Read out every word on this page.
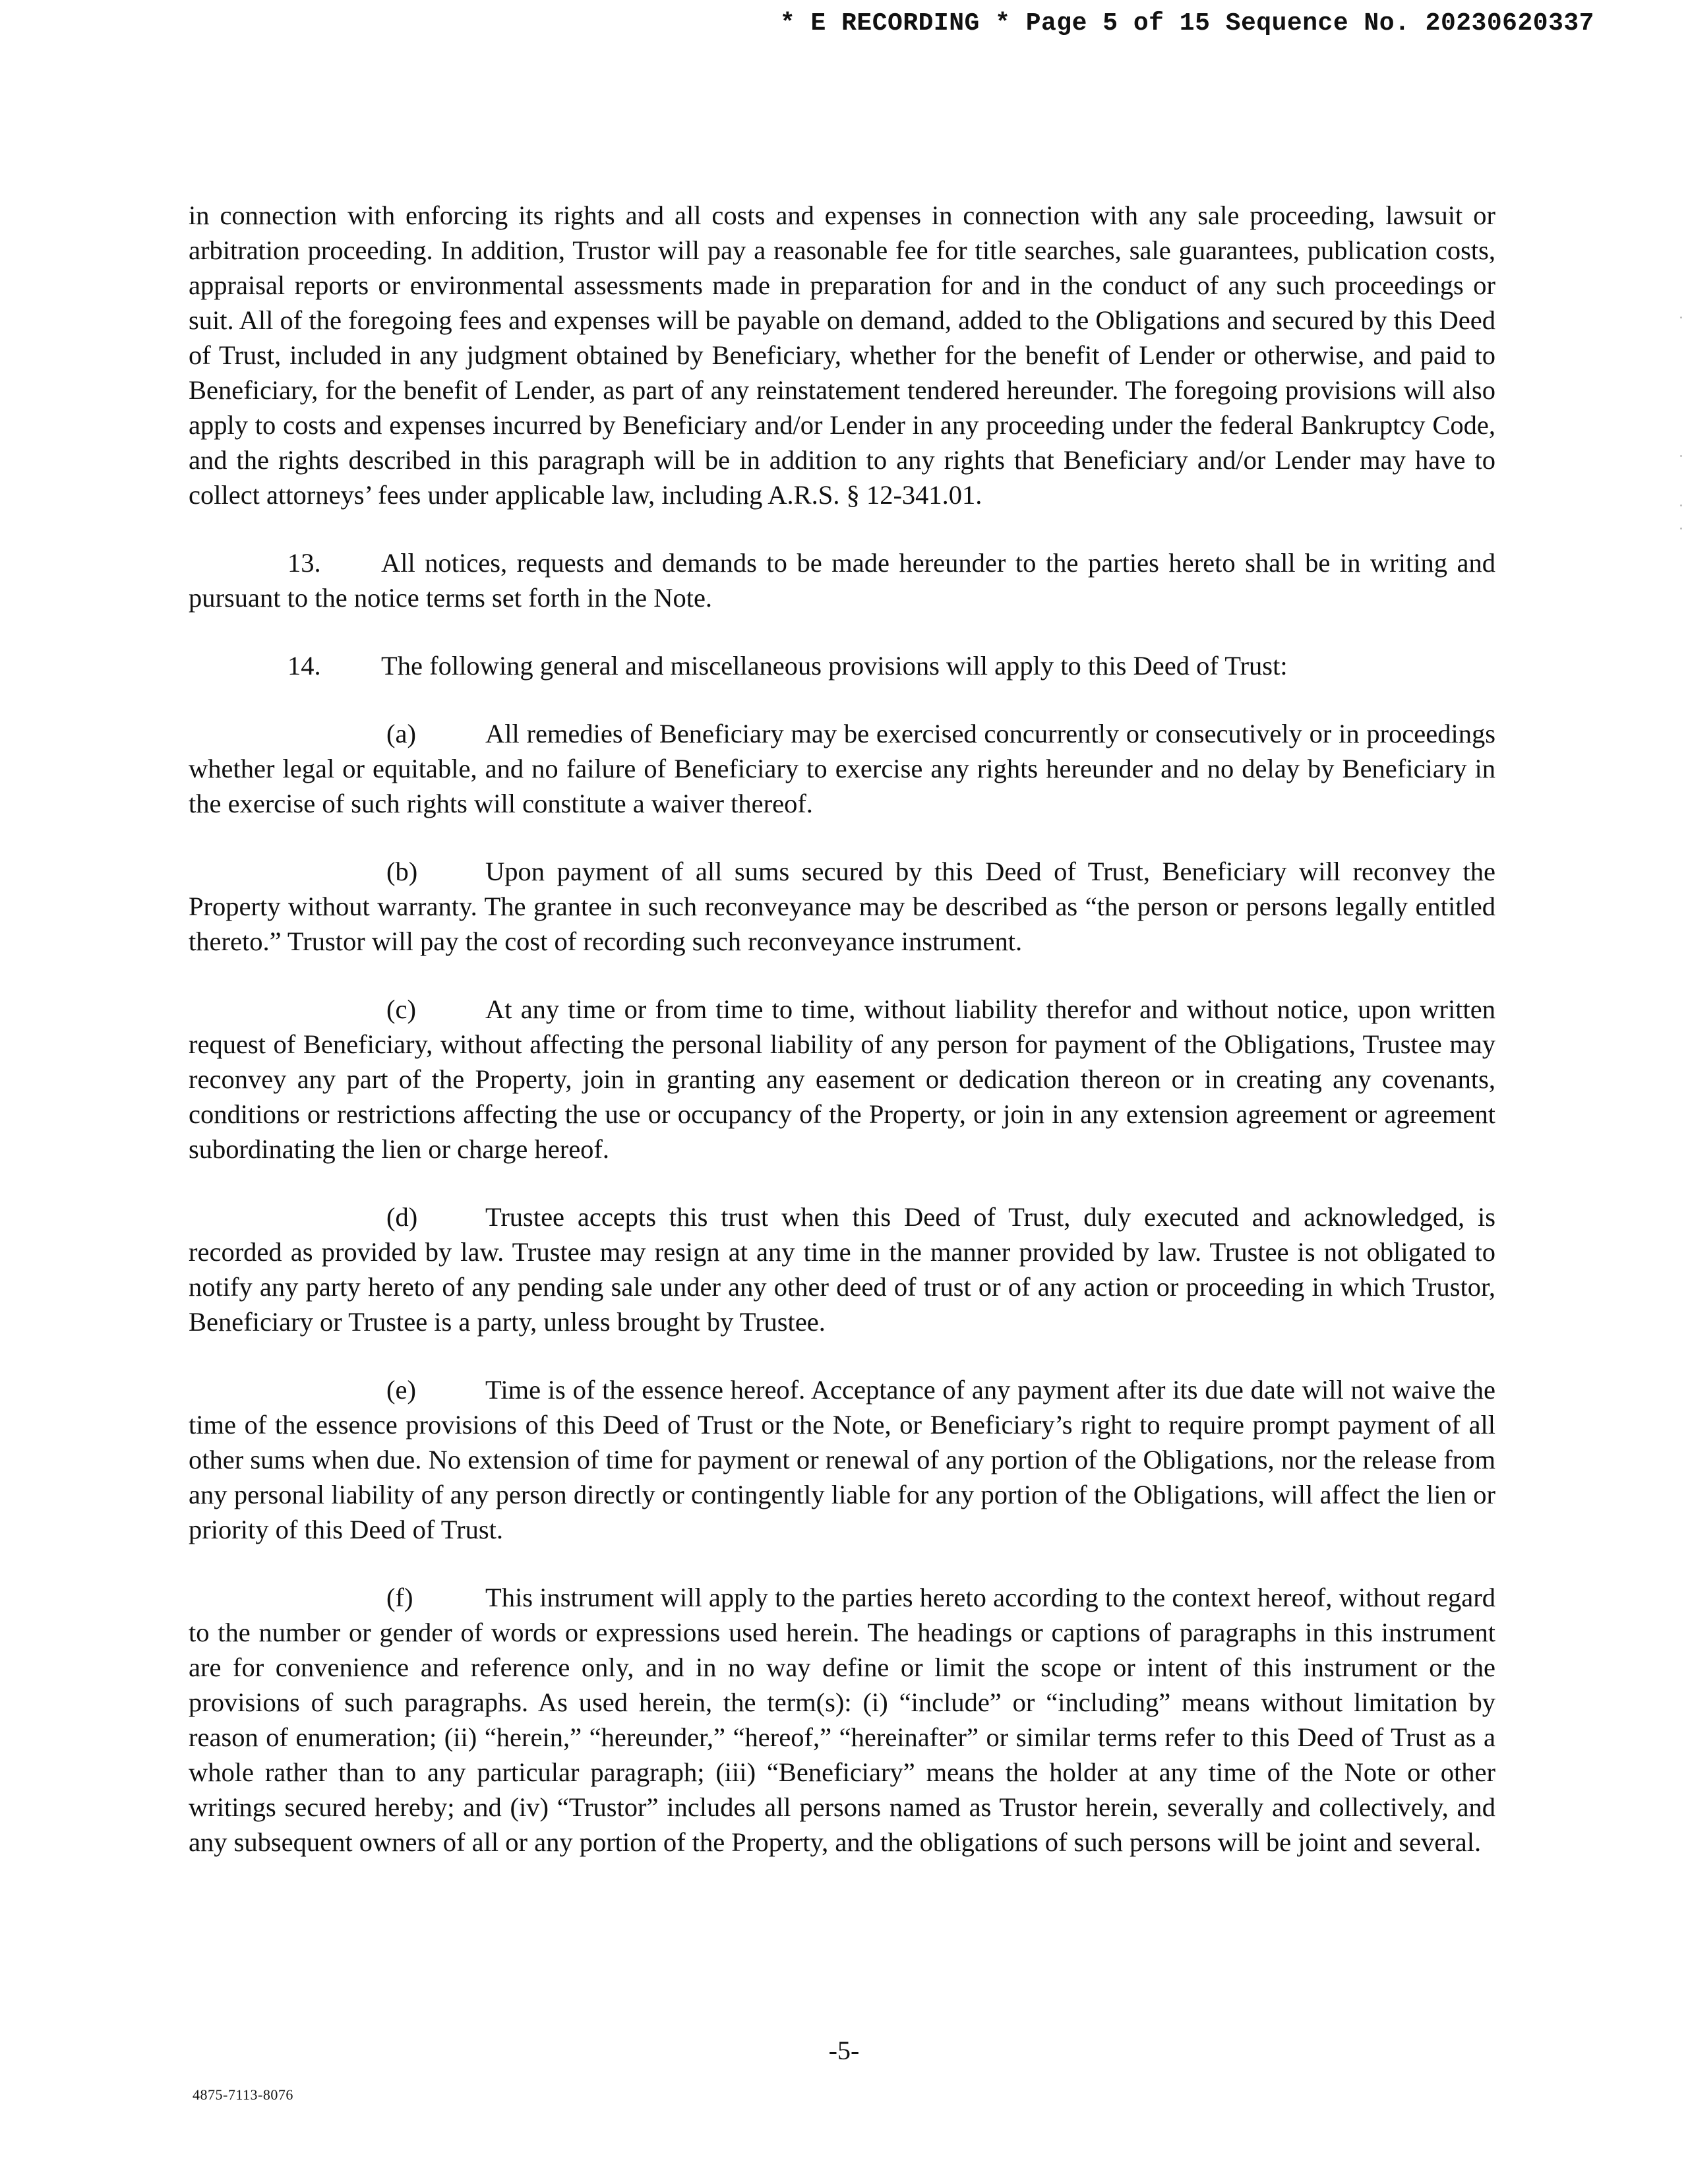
* E RECORDING * Page 5 of 15 Sequence No. 20230620337

in connection with enforcing its rights and all costs and expenses in connection with any sale proceeding, lawsuit or arbitration proceeding. In addition, Trustor will pay a reasonable fee for title searches, sale guarantees, publication costs, appraisal reports or environmental assessments made in preparation for and in the conduct of any such proceedings or suit. All of the foregoing fees and expenses will be payable on demand, added to the Obligations and secured by this Deed of Trust, included in any judgment obtained by Beneficiary, whether for the benefit of Lender or otherwise, and paid to Beneficiary, for the benefit of Lender, as part of any reinstatement tendered hereunder. The foregoing provisions will also apply to costs and expenses incurred by Beneficiary and/or Lender in any proceeding under the federal Bankruptcy Code, and the rights described in this paragraph will be in addition to any rights that Beneficiary and/or Lender may have to collect attorneys’ fees under applicable law, including A.R.S. § 12-341.01.

13. All notices, requests and demands to be made hereunder to the parties hereto shall be in writing and pursuant to the notice terms set forth in the Note.

14. The following general and miscellaneous provisions will apply to this Deed of Trust:

(a)	All remedies of Beneficiary may be exercised concurrently or consecutively or in proceedings whether legal or equitable, and no failure of Beneficiary to exercise any rights hereunder and no delay by Beneficiary in the exercise of such rights will constitute a waiver thereof.

(b)	Upon payment of all sums secured by this Deed of Trust, Beneficiary will reconvey the Property without warranty. The grantee in such reconveyance may be described as “the person or persons legally entitled thereto.” Trustor will pay the cost of recording such reconveyance instrument.

(c)	At any time or from time to time, without liability therefor and without notice, upon written request of Beneficiary, without affecting the personal liability of any person for payment of the Obligations, Trustee may reconvey any part of the Property, join in granting any easement or dedication thereon or in creating any covenants, conditions or restrictions affecting the use or occupancy of the Property, or join in any extension agreement or agreement subordinating the lien or charge hereof.

(d)	Trustee accepts this trust when this Deed of Trust, duly executed and acknowledged, is recorded as provided by law. Trustee may resign at any time in the manner provided by law. Trustee is not obligated to notify any party hereto of any pending sale under any other deed of trust or of any action or proceeding in which Trustor, Beneficiary or Trustee is a party, unless brought by Trustee.

(e)	Time is of the essence hereof. Acceptance of any payment after its due date will not waive the time of the essence provisions of this Deed of Trust or the Note, or Beneficiary’s right to require prompt payment of all other sums when due. No extension of time for payment or renewal of any portion of the Obligations, nor the release from any personal liability of any person directly or contingently liable for any portion of the Obligations, will affect the lien or priority of this Deed of Trust.

(f)	This instrument will apply to the parties hereto according to the context hereof, without regard to the number or gender of words or expressions used herein. The headings or captions of paragraphs in this instrument are for convenience and reference only, and in no way define or limit the scope or intent of this instrument or the provisions of such paragraphs. As used herein, the term(s): (i) “include” or “including” means without limitation by reason of enumeration; (ii) “herein,” “hereunder,” “hereof,” “hereinafter” or similar terms refer to this Deed of Trust as a whole rather than to any particular paragraph; (iii) “Beneficiary” means the holder at any time of the Note or other writings secured hereby; and (iv) “Trustor” includes all persons named as Trustor herein, severally and collectively, and any subsequent owners of all or any portion of the Property, and the obligations of such persons will be joint and several.

-5-
4875-7113-8076
